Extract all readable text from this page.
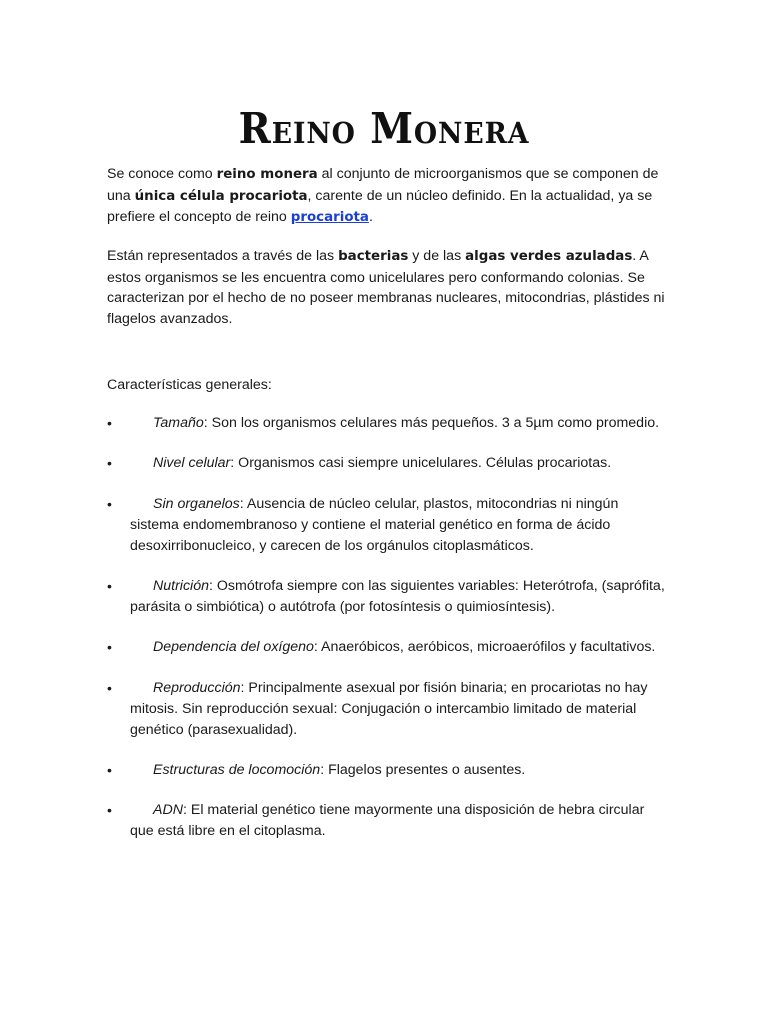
Reino Monera

Se conoce como reino monera al conjunto de microorganismos que se componen de una única célula procariota, carente de un núcleo definido. En la actualidad, ya se prefiere el concepto de reino procariota.

Están representados a través de las bacterias y de las algas verdes azuladas. A estos organismos se les encuentra como unicelulares pero conformando colonias. Se caracterizan por el hecho de no poseer membranas nucleares, mitocondrias, plástides ni flagelos avanzados.

Características generales:
•	Tamaño: Son los organismos celulares más pequeños. 3 a 5µm como promedio.
•	Nivel celular: Organismos casi siempre unicelulares. Células procariotas.
•	Sin organelos: Ausencia de núcleo celular, plastos, mitocondrias ni ningún sistema endomembranoso y contiene el material genético en forma de ácido desoxirribonucleico, y carecen de los orgánulos citoplasmáticos.
•	Nutrición: Osmótrofa siempre con las siguientes variables: Heterótrofa, (saprófita, parásita o simbiótica) o autótrofa (por fotosíntesis o quimiosíntesis).
•	Dependencia del oxígeno: Anaeróbicos, aeróbicos, microaerófilos y facultativos.
•	Reproducción: Principalmente asexual por fisión binaria; en procariotas no hay mitosis. Sin reproducción sexual: Conjugación o intercambio limitado de material genético (parasexualidad).
•	Estructuras de locomoción: Flagelos presentes o ausentes.
•	ADN: El material genético tiene mayormente una disposición de hebra circular que está libre en el citoplasma.
